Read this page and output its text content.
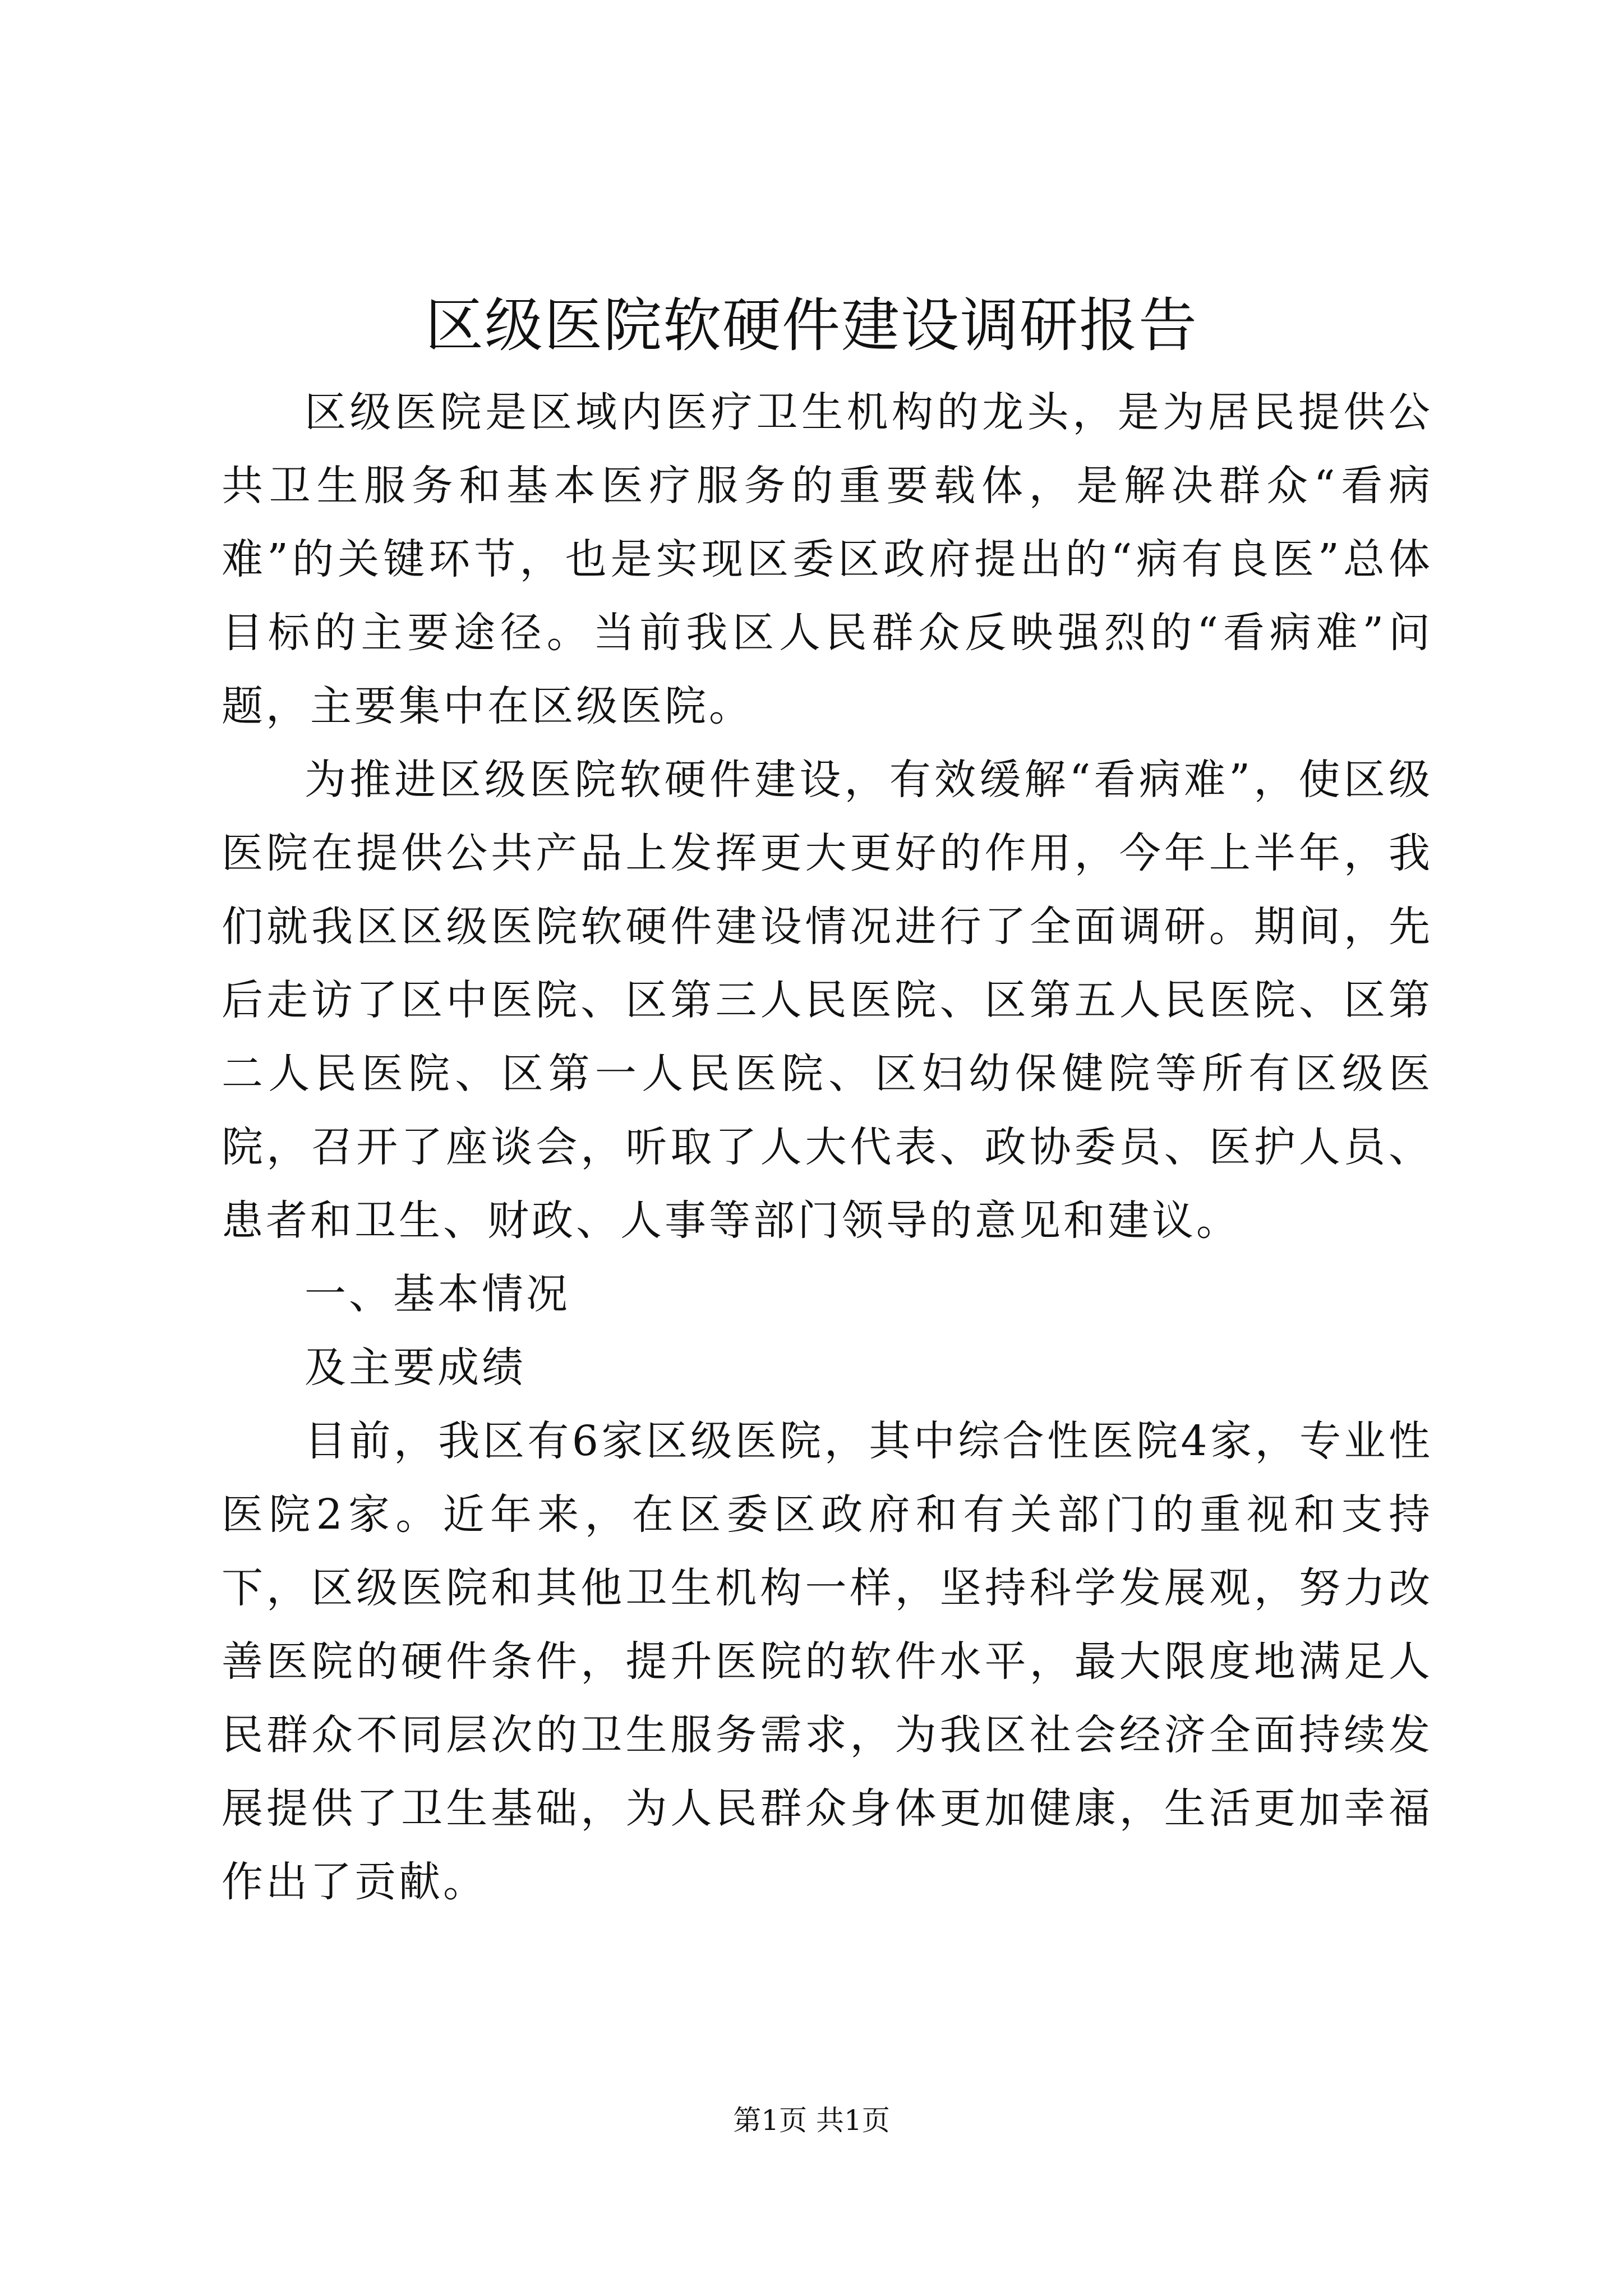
区级医院软硬件建设调研报告

区级医院是区域内医疗卫生机构的龙头，是为居民提供公共卫生服务和基本医疗服务的重要载体，是解决群众“看病难”的关键环节，也是实现区委区政府提出的“病有良医”总体目标的主要途径。当前我区人民群众反映强烈的“看病难”问题，主要集中在区级医院。

为推进区级医院软硬件建设，有效缓解“看病难”，使区级医院在提供公共产品上发挥更大更好的作用，今年上半年，我们就我区区级医院软硬件建设情况进行了全面调研。期间，先后走访了区中医院、区第三人民医院、区第五人民医院、区第二人民医院、区第一人民医院、区妇幼保健院等所有区级医院，召开了座谈会，听取了人大代表、政协委员、医护人员、患者和卫生、财政、人事等部门领导的意见和建议。

一、基本情况

及主要成绩

目前，我区有6家区级医院，其中综合性医院4家，专业性医院2家。近年来，在区委区政府和有关部门的重视和支持下，区级医院和其他卫生机构一样，坚持科学发展观，努力改善医院的硬件条件，提升医院的软件水平，最大限度地满足人民群众不同层次的卫生服务需求，为我区社会经济全面持续发展提供了卫生基础，为人民群众身体更加健康，生活更加幸福作出了贡献。

第1页 共1页
